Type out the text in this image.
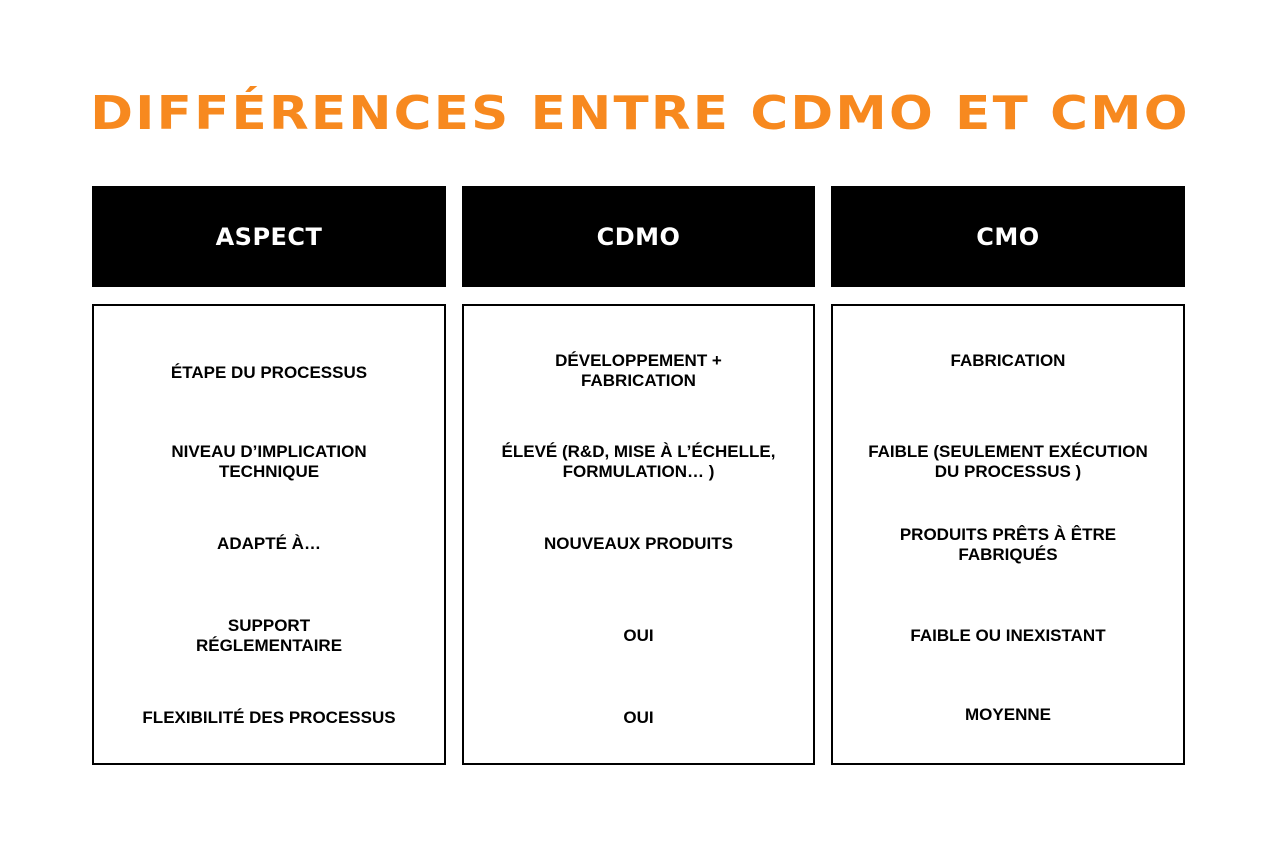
DIFFÉRENCES ENTRE CDMO ET CMO
ASPECT	CDMO	CMO
ÉTAPE DU PROCESSUS
NIVEAU D’IMPLICATION TECHNIQUE
ADAPTÉ À…
SUPPORT RÉGLEMENTAIRE
FLEXIBILITÉ DES PROCESSUS
DÉVELOPPEMENT + FABRICATION
ÉLEVÉ (R&D, MISE À L’ÉCHELLE, FORMULATION… )
NOUVEAUX PRODUITS
OUI
OUI
FABRICATION
FAIBLE (SEULEMENT EXÉCUTION DU PROCESSUS )
PRODUITS PRÊTS À ÊTRE FABRIQUÉS
FAIBLE OU INEXISTANT
MOYENNE
